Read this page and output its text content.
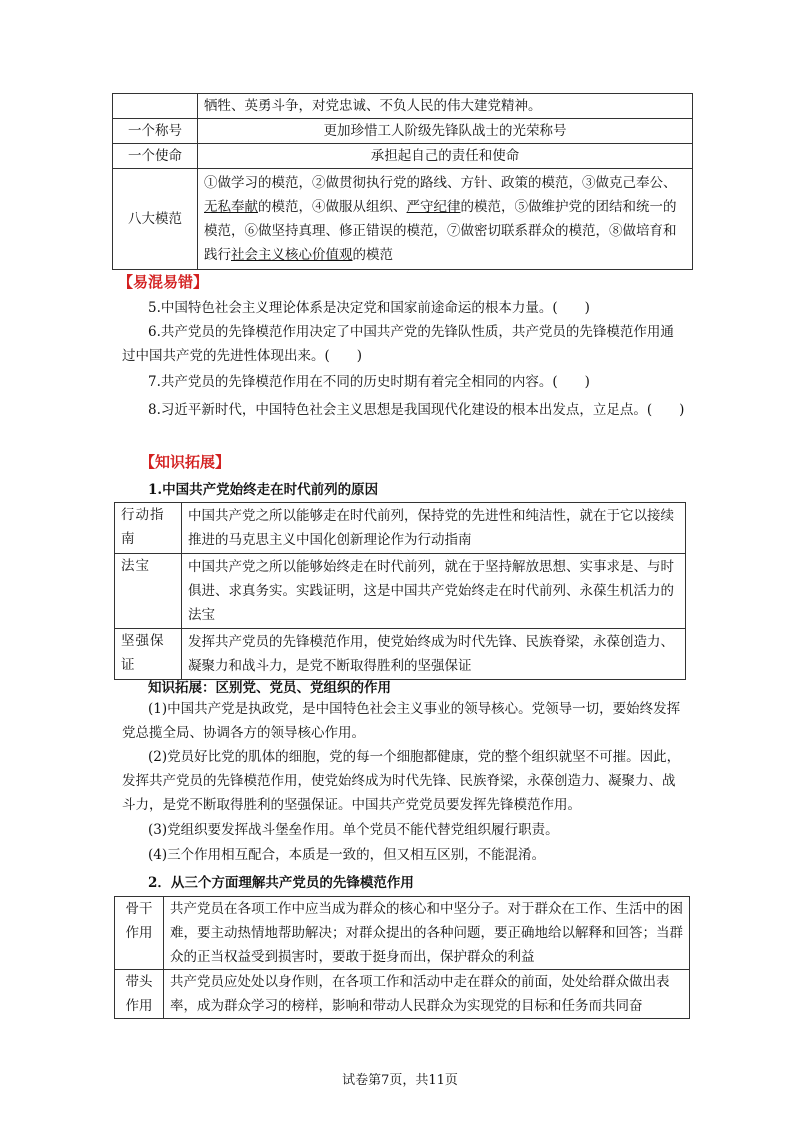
	牺牲、英勇斗争，对党忠诚、不负人民的伟大建党精神。
一个称号	更加珍惜工人阶级先锋队战士的光荣称号
一个使命	承担起自己的责任和使命
八大模范	①做学习的模范，②做贯彻执行党的路线、方针、政策的模范，③做克己奉公、无私奉献的模范，④做服从组织、严守纪律的模范，⑤做维护党的团结和统一的模范，⑥做坚持真理、修正错误的模范，⑦做密切联系群众的模范，⑧做培育和践行社会主义核心价值观的模范
【易混易错】
5.中国特色社会主义理论体系是决定党和国家前途命运的根本力量。(　　)
6.共产党员的先锋模范作用决定了中国共产党的先锋队性质，共产党员的先锋模范作用通过中国共产党的先进性体现出来。(　　)
7.共产党员的先锋模范作用在不同的历史时期有着完全相同的内容。(　　)
8.习近平新时代，中国特色社会主义思想是我国现代化建设的根本出发点，立足点。(　　)
【知识拓展】
1.中国共产党始终走在时代前列的原因
行动指南	中国共产党之所以能够走在时代前列，保持党的先进性和纯洁性，就在于它以接续推进的马克思主义中国化创新理论作为行动指南
法宝	中国共产党之所以能够始终走在时代前列，就在于坚持解放思想、实事求是、与时俱进、求真务实。实践证明，这是中国共产党始终走在时代前列、永葆生机活力的法宝
坚强保证	发挥共产党员的先锋模范作用，使党始终成为时代先锋、民族脊梁，永葆创造力、凝聚力和战斗力，是党不断取得胜利的坚强保证
知识拓展：区别党、党员、党组织的作用
(1)中国共产党是执政党，是中国特色社会主义事业的领导核心。党领导一切，要始终发挥党总揽全局、协调各方的领导核心作用。
(2)党员好比党的肌体的细胞，党的每一个细胞都健康，党的整个组织就坚不可摧。因此，发挥共产党员的先锋模范作用，使党始终成为时代先锋、民族脊梁，永葆创造力、凝聚力、战斗力，是党不断取得胜利的坚强保证。中国共产党党员要发挥先锋模范作用。
(3)党组织要发挥战斗堡垒作用。单个党员不能代替党组织履行职责。
(4)三个作用相互配合，本质是一致的，但又相互区别，不能混淆。
2．从三个方面理解共产党员的先锋模范作用
骨干作用	共产党员在各项工作中应当成为群众的核心和中坚分子。对于群众在工作、生活中的困难，要主动热情地帮助解决；对群众提出的各种问题，要正确地给以解释和回答；当群众的正当权益受到损害时，要敢于挺身而出，保护群众的利益
带头作用	共产党员应处处以身作则，在各项工作和活动中走在群众的前面，处处给群众做出表率，成为群众学习的榜样，影响和带动人民群众为实现党的目标和任务而共同奋
试卷第7页，共11页
